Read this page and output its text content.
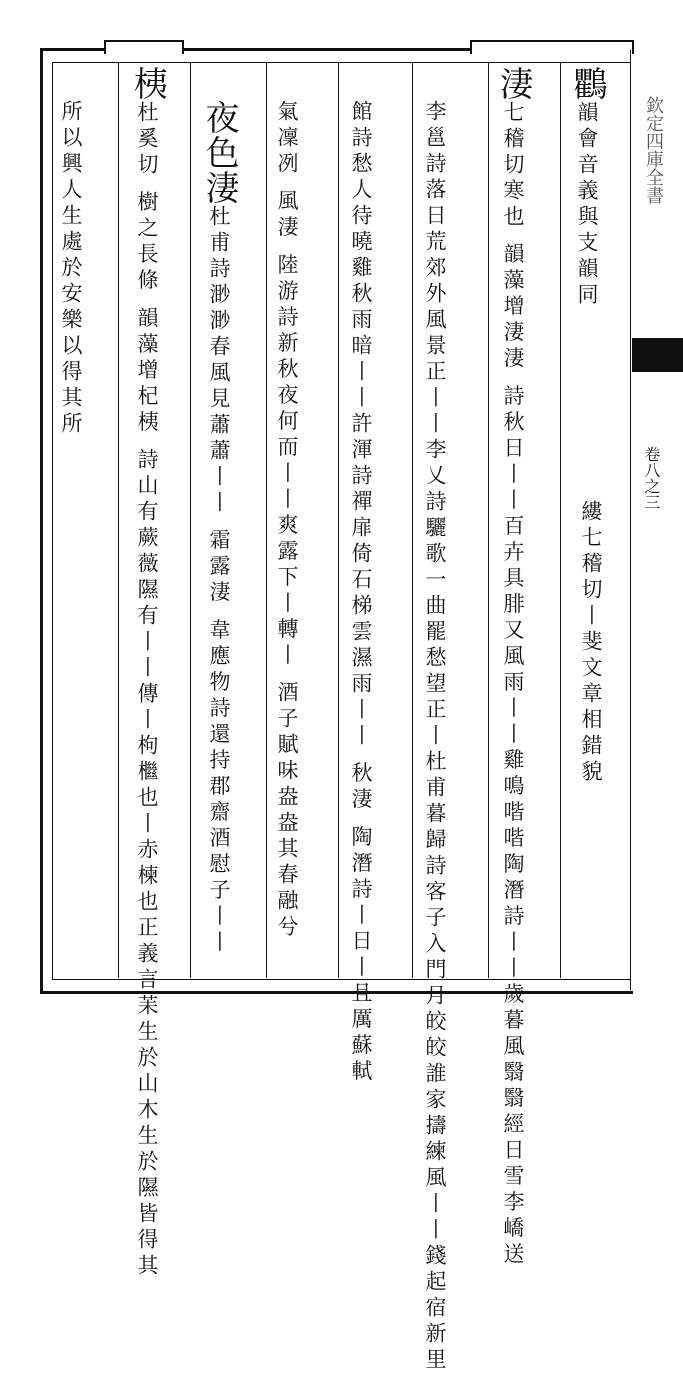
欽定四庫全書
卷八之三
鸜韻會音義與支韻同
縷七稽切丨斐文章相錯貌
淒七稽切寒也 韻藻增淒淒 詩秋日丨丨百卉具腓又風雨丨丨雞鳴喈喈陶潛詩丨丨歲暮風翳翳經日雪李嶠送
李邕詩落日荒郊外風景正丨丨李乂詩驪歌一曲罷愁望正丨杜甫暮歸詩客子入門月皎皎誰家擣練風丨丨錢起宿新里
館詩愁人待曉雞秋雨暗丨丨許渾詩禪扉倚石梯雲濕雨丨丨 秋淒 陶潛詩丨日丨且厲蘇軾
氣凜冽 風淒 陸游詩新秋夜何而丨丨爽露下丨轉丨 酒子賦味盎盎其春融兮
夜色淒杜甫詩渺渺春風見蕭蕭丨丨 霜露淒 韋應物詩還持郡齋酒慰子丨丨
桋杜奚切 樹之長條 韻藻增杞桋 詩山有蕨薇隰有丨丨傳丨枸檵也丨赤楝也正義言苿生於山木生於隰皆得其
所以興人生處於安樂以得其所
